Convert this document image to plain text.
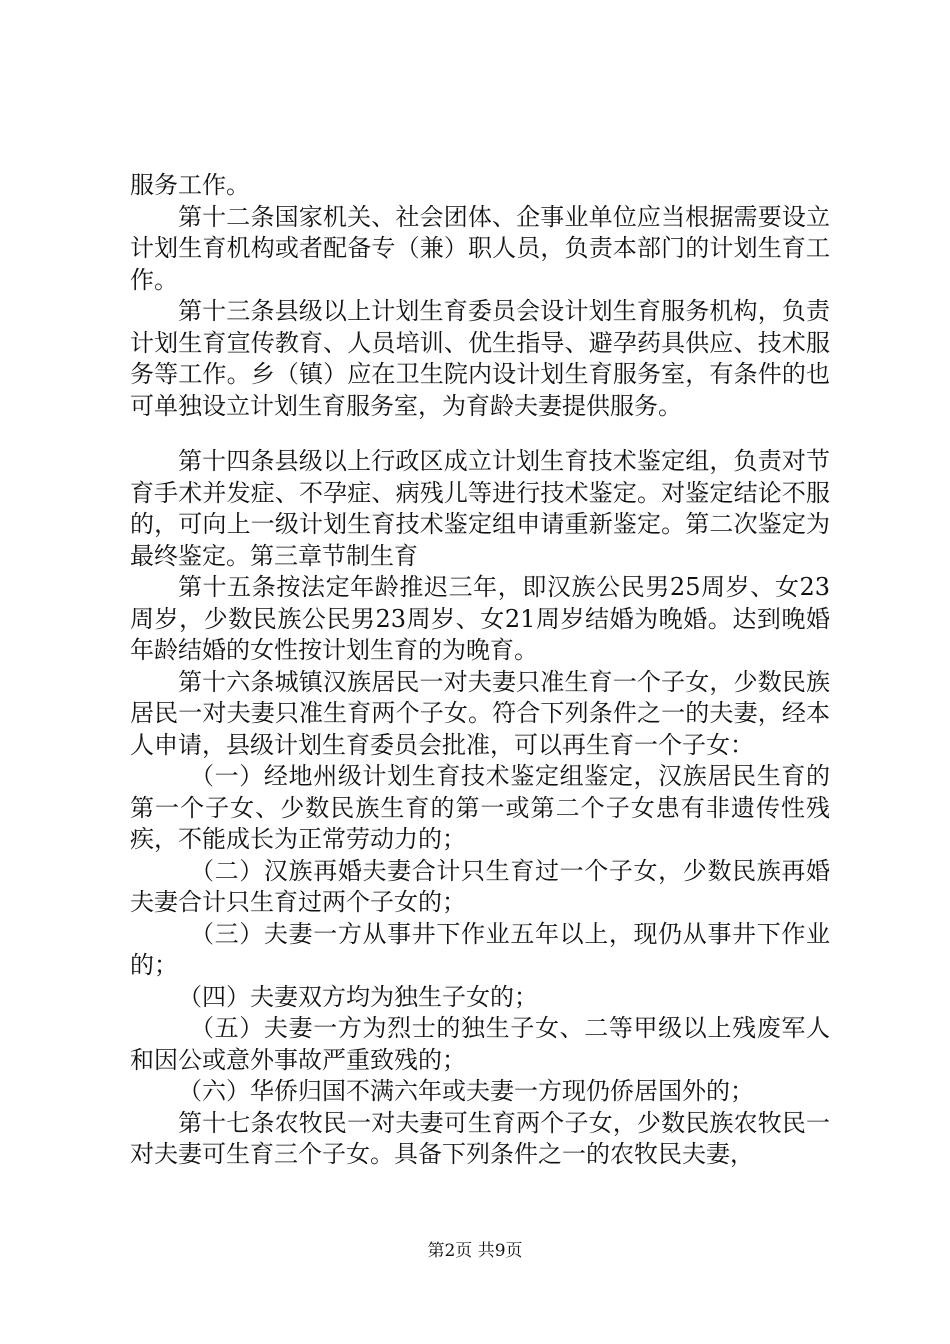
服务工作。

第十二条国家机关、社会团体、企事业单位应当根据需要设立计划生育机构或者配备专（兼）职人员，负责本部门的计划生育工作。

第十三条县级以上计划生育委员会设计划生育服务机构，负责计划生育宣传教育、人员培训、优生指导、避孕药具供应、技术服务等工作。乡（镇）应在卫生院内设计划生育服务室，有条件的也可单独设立计划生育服务室，为育龄夫妻提供服务。

第十四条县级以上行政区成立计划生育技术鉴定组，负责对节育手术并发症、不孕症、病残儿等进行技术鉴定。对鉴定结论不服的，可向上一级计划生育技术鉴定组申请重新鉴定。第二次鉴定为最终鉴定。第三章节制生育

第十五条按法定年龄推迟三年，即汉族公民男25周岁、女23周岁，少数民族公民男23周岁、女21周岁结婚为晚婚。达到晚婚年龄结婚的女性按计划生育的为晚育。

第十六条城镇汉族居民一对夫妻只准生育一个子女，少数民族居民一对夫妻只准生育两个子女。符合下列条件之一的夫妻，经本人申请，县级计划生育委员会批准，可以再生育一个子女：

（一）经地州级计划生育技术鉴定组鉴定，汉族居民生育的第一个子女、少数民族生育的第一或第二个子女患有非遗传性残疾，不能成长为正常劳动力的；

（二）汉族再婚夫妻合计只生育过一个子女，少数民族再婚夫妻合计只生育过两个子女的；

（三）夫妻一方从事井下作业五年以上，现仍从事井下作业的；

（四）夫妻双方均为独生子女的；

（五）夫妻一方为烈士的独生子女、二等甲级以上残废军人和因公或意外事故严重致残的；

（六）华侨归国不满六年或夫妻一方现仍侨居国外的；

第十七条农牧民一对夫妻可生育两个子女，少数民族农牧民一对夫妻可生育三个子女。具备下列条件之一的农牧民夫妻，

第2页 共9页
